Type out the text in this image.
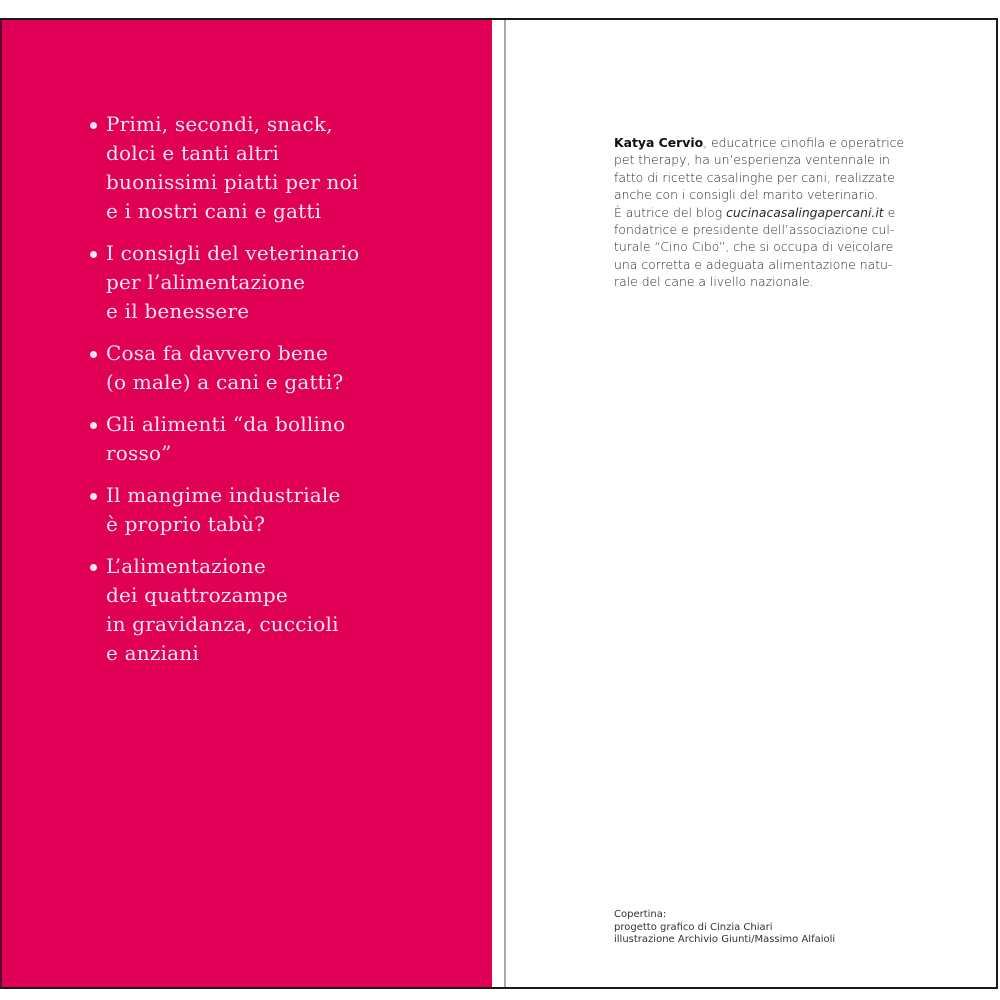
Primi, secondi, snack,
dolci e tanti altri
buonissimi piatti per noi
e i nostri cani e gatti
I consigli del veterinario
per l’alimentazione
e il benessere
Cosa fa davvero bene
(o male) a cani e gatti?
Gli alimenti “da bollino
rosso”
Il mangime industriale
è proprio tabù?
L’alimentazione
dei quattrozampe
in gravidanza, cuccioli
e anziani
Katya Cervio, educatrice cinofila e operatrice
pet therapy, ha un’esperienza ventennale in
fatto di ricette casalinghe per cani, realizzate
anche con i consigli del marito veterinario.
È autrice del blog cucinacasalingapercani.it e
fondatrice e presidente dell’associazione cul-
turale “Cino Cibo”, che si occupa di veicolare
una corretta e adeguata alimentazione natu-
rale del cane a livello nazionale.
Copertina:
progetto grafico di Cinzia Chiari
illustrazione Archivio Giunti/Massimo Alfaioli
